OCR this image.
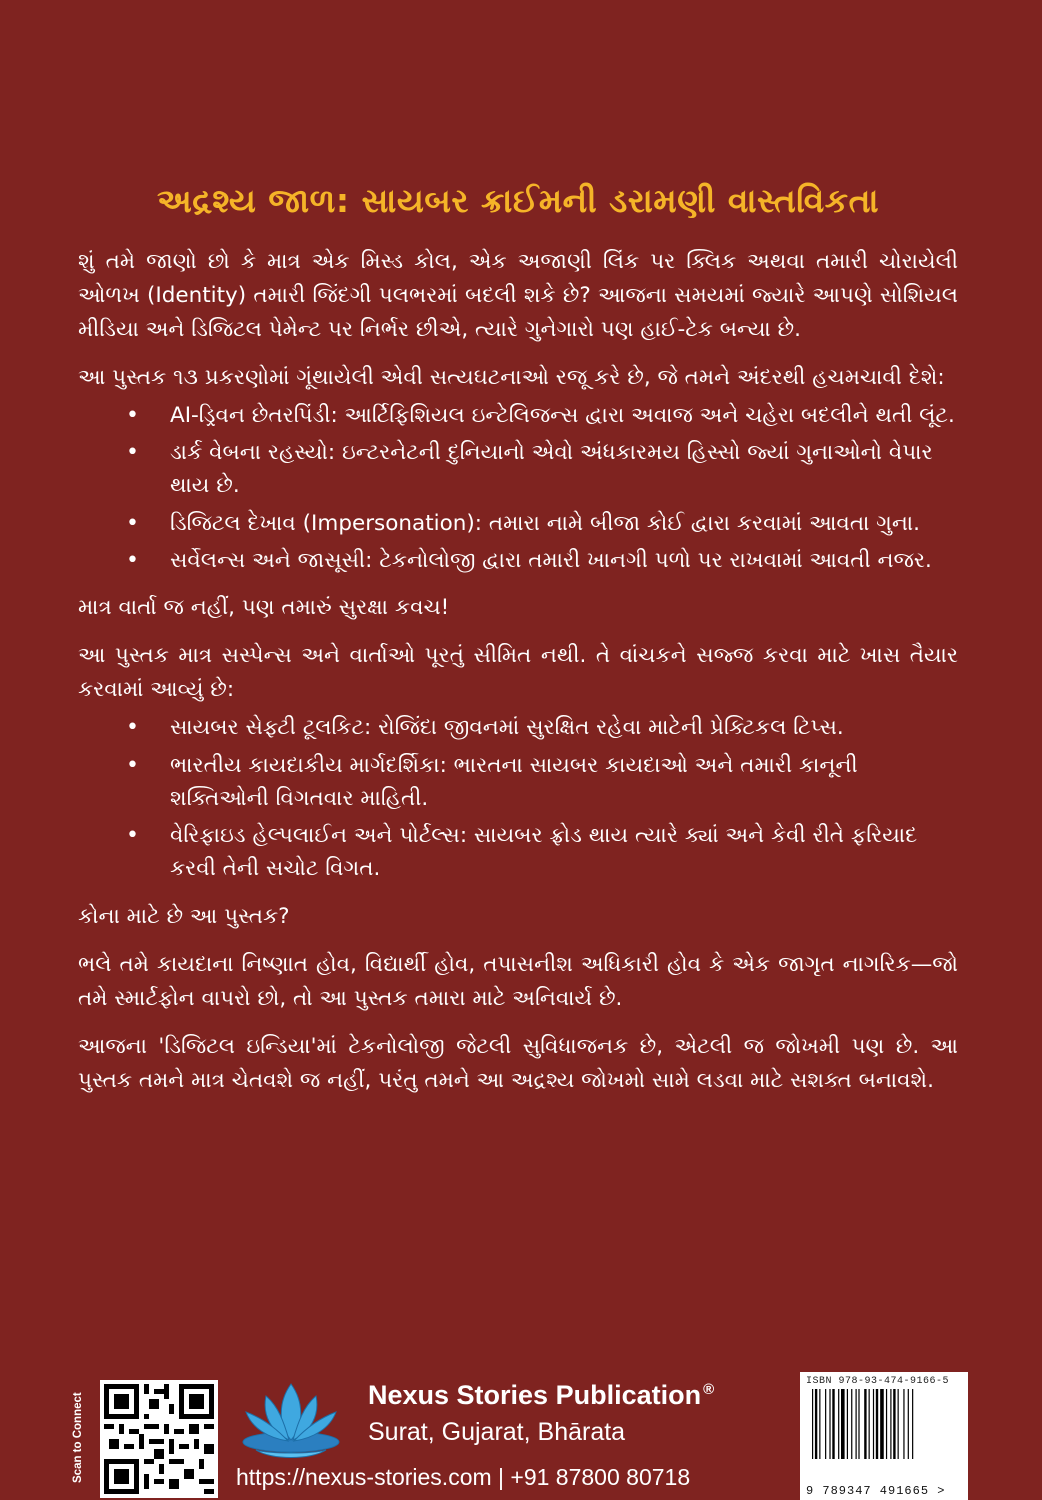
અદ્રશ્ય જાળ: સાયબર ક્રાઈમની ડરામણી વાસ્તવિકતા

શું તમે જાણો છો કે માત્ર એક મિસ્ડ કોલ, એક અજાણી લિંક પર ક્લિક અથવા તમારી ચોરાયેલી ઓળખ (Identity) તમારી જિંદગી પલભરમાં બદલી શકે છે? આજના સમયમાં જ્યારે આપણે સોશિયલ મીડિયા અને ડિજિટલ પેમેન્ટ પર નિર્ભર છીએ, ત્યારે ગુનેગારો પણ હાઈ-ટેક બન્યા છે.

આ પુસ્તક ૧૩ પ્રકરણોમાં ગૂંથાયેલી એવી સત્યઘટનાઓ રજૂ કરે છે, જે તમને અંદરથી હચમચાવી દેશે:

• AI-ડ્રિવન છેતરપિંડી: આર્ટિફિશિયલ ઇન્ટેલિજન્સ દ્વારા અવાજ અને ચહેરા બદલીને થતી લૂંટ.
• ડાર્ક વેબના રહસ્યો: ઇન્ટરનેટની દુનિયાનો એવો અંધકારમય હિસ્સો જ્યાં ગુનાઓનો વેપાર થાય છે.
• ડિજિટલ દેખાવ (Impersonation): તમારા નામે બીજા કોઈ દ્વારા કરવામાં આવતા ગુના.
• સર્વેલન્સ અને જાસૂસી: ટેકનોલોજી દ્વારા તમારી ખાનગી પળો પર રાખવામાં આવતી નજર.
માત્ર વાર્તા જ નહીં, પણ તમારું સુરક્ષા કવચ!

આ પુસ્તક માત્ર સસ્પેન્સ અને વાર્તાઓ પૂરતું સીમિત નથી. તે વાંચકને સજ્જ કરવા માટે ખાસ તૈયાર કરવામાં આવ્યું છે:

• સાયબર સેફ્ટી ટૂલકિટ: રોજિંદા જીવનમાં સુરક્ષિત રહેવા માટેની પ્રેક્ટિકલ ટિપ્સ.
• ભારતીય કાયદાકીય માર્ગદર્શિકા: ભારતના સાયબર કાયદાઓ અને તમારી કાનૂની શક્તિઓની વિગતવાર માહિતી.
• વેરિફાઇડ હેલ્પલાઈન અને પોર્ટલ્સ: સાયબર ફ્રોડ થાય ત્યારે ક્યાં અને કેવી રીતે ફરિયાદ કરવી તેની સચોટ વિગત.
કોના માટે છે આ પુસ્તક?

ભલે તમે કાયદાના નિષ્ણાત હોવ, વિદ્યાર્થી હોવ, તપાસનીશ અધિકારી હોવ કે એક જાગૃત નાગરિક—જો તમે સ્માર્ટફોન વાપરો છો, તો આ પુસ્તક તમારા માટે અનિવાર્ય છે.

આજના 'ડિજિટલ ઇન્ડિયા'માં ટેકનોલોજી જેટલી સુવિધાજનક છે, એટલી જ જોખમી પણ છે. આ પુસ્તક તમને માત્ર ચેતવશે જ નહીં, પરંતુ તમને આ અદ્રશ્ય જોખમો સામે લડવા માટે સશક્ત બનાવશે.

Scan to Connect	Nexus Stories Publication ®
Surat, Gujarat, Bhārata
https://nexus-stories.com | +91 87800 80718
ISBN 978-93-474-9166-5
9 789347 491665 >
